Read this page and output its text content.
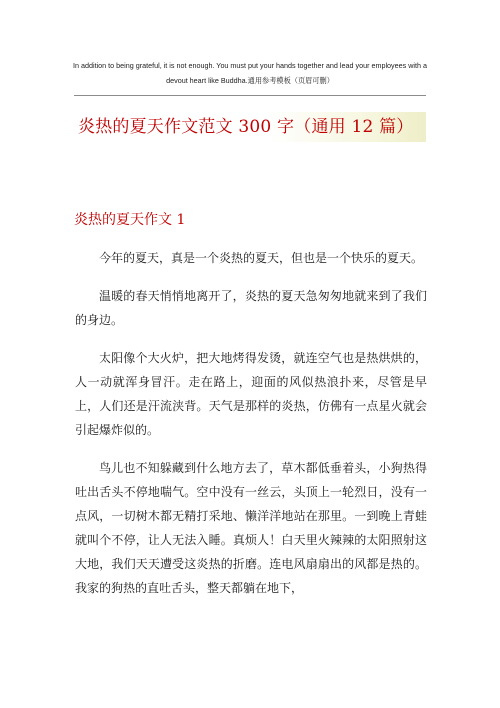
In addition to being grateful, it is not enough. You must put your hands together and lead your employees with a
devout heart like Buddha.通用参考模板（页眉可删）
炎热的夏天作文范文 300 字（通用 12 篇）
炎热的夏天作文 1

今年的夏天，真是一个炎热的夏天，但也是一个快乐的夏天。

温暖的春天悄悄地离开了，炎热的夏天急匆匆地就来到了我们的身边。

太阳像个大火炉，把大地烤得发烫，就连空气也是热烘烘的，人一动就浑身冒汗。走在路上，迎面的风似热浪扑来，尽管是早上，人们还是汗流浃背。天气是那样的炎热，仿佛有一点星火就会引起爆炸似的。

鸟儿也不知躲藏到什么地方去了，草木都低垂着头，小狗热得吐出舌头不停地喘气。空中没有一丝云，头顶上一轮烈日，没有一点风，一切树木都无精打采地、懒洋洋地站在那里。一到晚上青蛙就叫个不停，让人无法入睡。真烦人！白天里火辣辣的太阳照射这大地，我们天天遭受这炎热的折磨。连电风扇扇出的风都是热的。我家的狗热的直吐舌头，整天都躺在地下，
